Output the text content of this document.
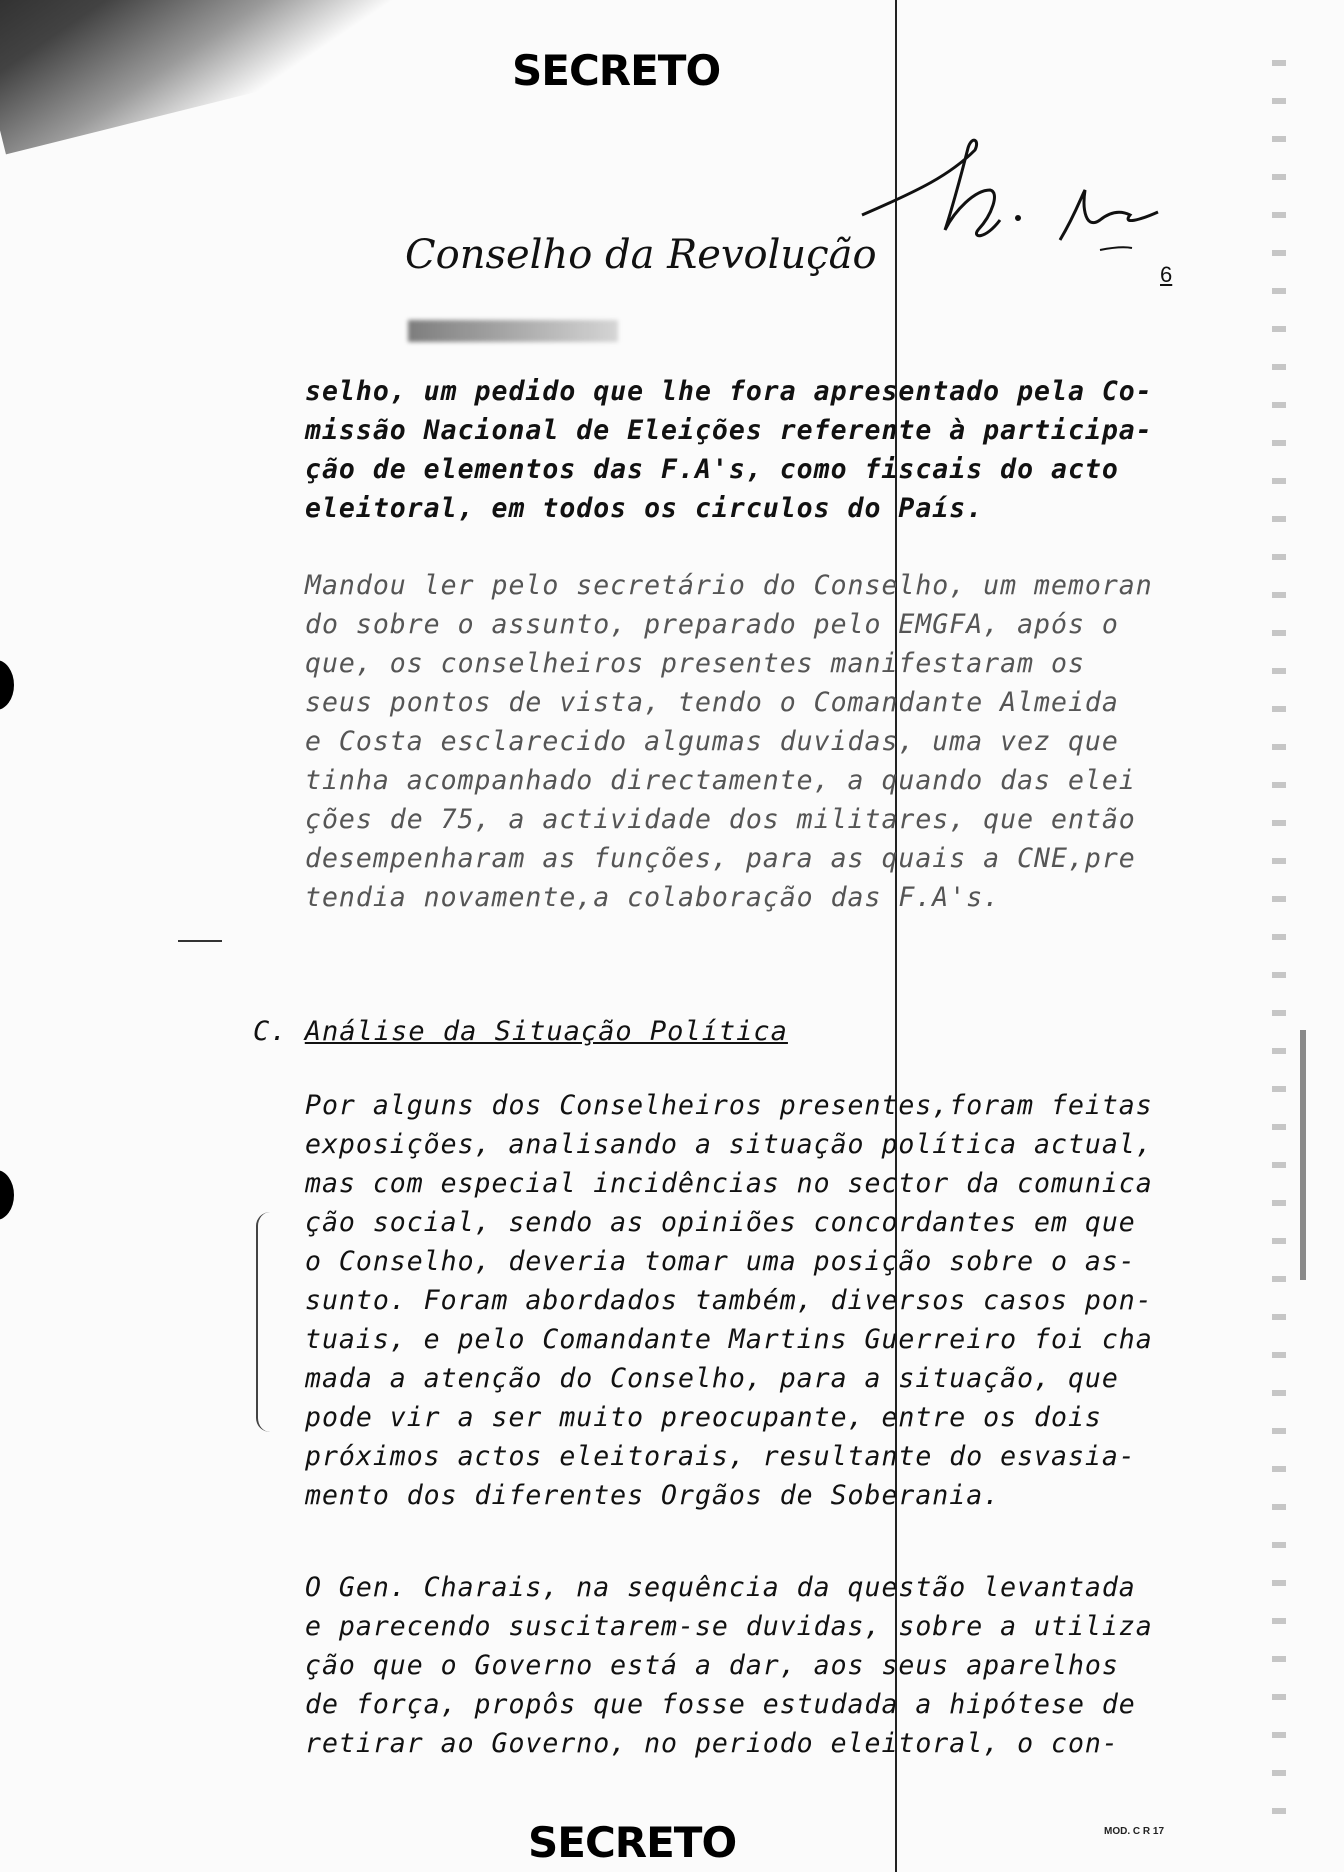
SECRETO
Conselho da Revolução	6

selho, um pedido que lhe fora apresentado pela Co-
missão Nacional de Eleições referente à participa-
ção de elementos das F.A's, como fiscais do acto
eleitoral, em todos os circulos do País.

Mandou ler pelo secretário do Conselho, um memoran
do sobre o assunto, preparado pelo EMGFA, após o
que, os conselheiros presentes manifestaram os
seus pontos de vista, tendo o Comandante Almeida
e Costa esclarecido algumas duvidas, uma vez que
tinha acompanhado directamente, a quando das elei
ções de 75, a actividade dos militares, que então
desempenharam as funções, para as quais a CNE,pre
tendia novamente,a colaboração das F.A's.

C. Análise da Situação Política

Por alguns dos Conselheiros presentes,foram feitas
exposições, analisando a situação política actual,
mas com especial incidências no sector da comunica
ção social, sendo as opiniões concordantes em que
o Conselho, deveria tomar uma posição sobre o as-
sunto. Foram abordados também, diversos casos pon-
tuais, e pelo Comandante Martins Guerreiro foi cha
mada a atenção do Conselho, para a situação, que
pode vir a ser muito preocupante, entre os dois
próximos actos eleitorais, resultante do esvasia-
mento dos diferentes Orgãos de Soberania.

O Gen. Charais, na sequência da questão levantada
e parecendo suscitarem-se duvidas, sobre a utiliza
ção que o Governo está a dar, aos seus aparelhos
de força, propôs que fosse estudada a hipótese de
retirar ao Governo, no periodo eleitoral, o con-

SECRETO	MOD. C R 17
